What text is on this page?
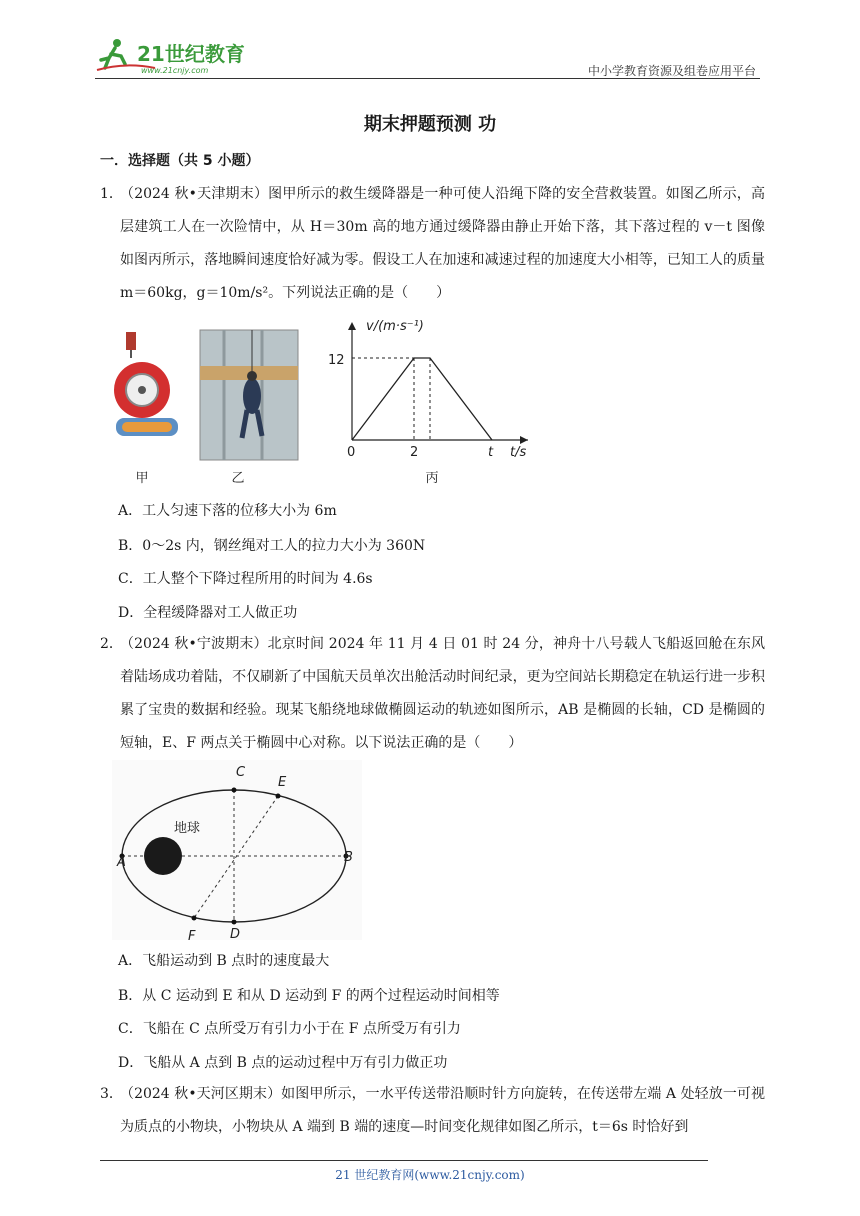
21世纪教育
www.21cnjy.com	中小学教育资源及组卷应用平台
期末押题预测 功
一．选择题（共 5 小题）
1．
（2024 秋•天津期末）图甲所示的救生缓降器是一种可使人沿绳下降的安全营救装置。如图乙所示，高层建筑工人在一次险情中，从 H＝30m 高的地方通过缓降器由静止开始下落，其下落过程的 v－t 图像如图丙所示，落地瞬间速度恰好减为零。假设工人在加速和减速过程的加速度大小相等，已知工人的质量 m＝60kg，g＝10m/s²。下列说法正确的是（　　）
甲	乙
v/(m·s⁻¹)
12
0	2	t t/s
丙
A．工人匀速下落的位移大小为 6m
B．0～2s 内，钢丝绳对工人的拉力大小为 360N
C．工人整个下降过程所用的时间为 4.6s
D．全程缓降器对工人做正功
2．
（2024 秋•宁波期末）北京时间 2024 年 11 月 4 日 01 时 24 分，神舟十八号载人飞船返回舱在东风着陆场成功着陆，不仅刷新了中国航天员单次出舱活动时间纪录，更为空间站长期稳定在轨运行进一步积累了宝贵的数据和经验。现某飞船绕地球做椭圆运动的轨迹如图所示，AB 是椭圆的长轴，CD 是椭圆的短轴，E、F 两点关于椭圆中心对称。以下说法正确的是（　　）
地球
C
E
B
A
D
F
A．飞船运动到 B 点时的速度最大
B．从 C 运动到 E 和从 D 运动到 F 的两个过程运动时间相等
C．飞船在 C 点所受万有引力小于在 F 点所受万有引力
D．飞船从 A 点到 B 点的运动过程中万有引力做正功
3．
（2024 秋•天河区期末）如图甲所示，一水平传送带沿顺时针方向旋转，在传送带左端 A 处轻放一可视为质点的小物块，小物块从 A 端到 B 端的速度—时间变化规律如图乙所示，t＝6s 时恰好到
21 世纪教育网(www.21cnjy.com)
